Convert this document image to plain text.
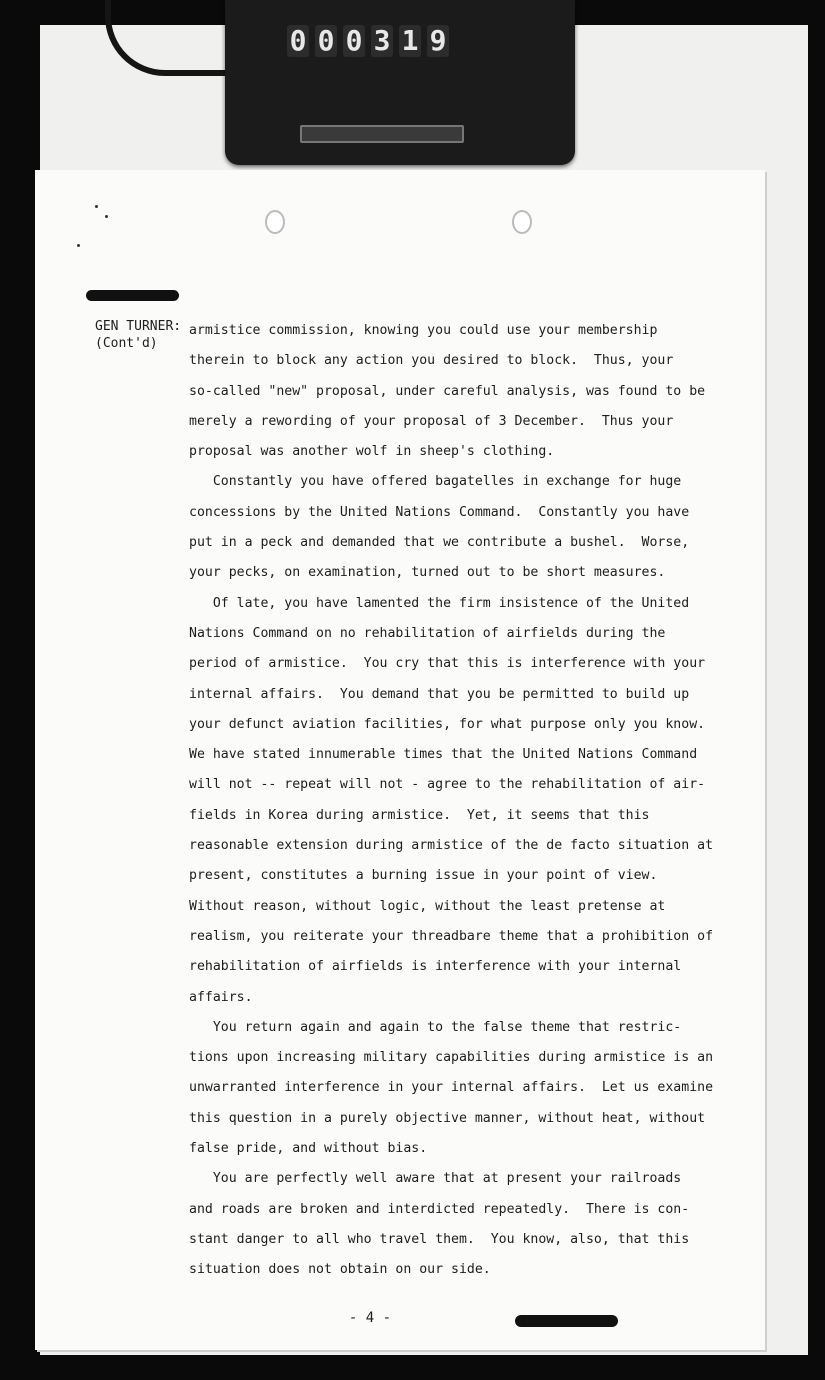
0 0 0 3 1 9
GEN TURNER:
(Cont'd)
armistice commission, knowing you could use your membership
therein to block any action you desired to block.  Thus, your
so-called "new" proposal, under careful analysis, was found to be
merely a rewording of your proposal of 3 December.  Thus your
proposal was another wolf in sheep's clothing.
Constantly you have offered bagatelles in exchange for huge
concessions by the United Nations Command.  Constantly you have
put in a peck and demanded that we contribute a bushel.  Worse,
your pecks, on examination, turned out to be short measures.
Of late, you have lamented the firm insistence of the United
Nations Command on no rehabilitation of airfields during the
period of armistice.  You cry that this is interference with your
internal affairs.  You demand that you be permitted to build up
your defunct aviation facilities, for what purpose only you know.
We have stated innumerable times that the United Nations Command
will not -- repeat will not - agree to the rehabilitation of air-
fields in Korea during armistice.  Yet, it seems that this
reasonable extension during armistice of the de facto situation at
present, constitutes a burning issue in your point of view.
Without reason, without logic, without the least pretense at
realism, you reiterate your threadbare theme that a prohibition of
rehabilitation of airfields is interference with your internal
affairs.
You return again and again to the false theme that restric-
tions upon increasing military capabilities during armistice is an
unwarranted interference in your internal affairs.  Let us examine
this question in a purely objective manner, without heat, without
false pride, and without bias.
You are perfectly well aware that at present your railroads
and roads are broken and interdicted repeatedly.  There is con-
stant danger to all who travel them.  You know, also, that this
situation does not obtain on our side.
- 4 -
